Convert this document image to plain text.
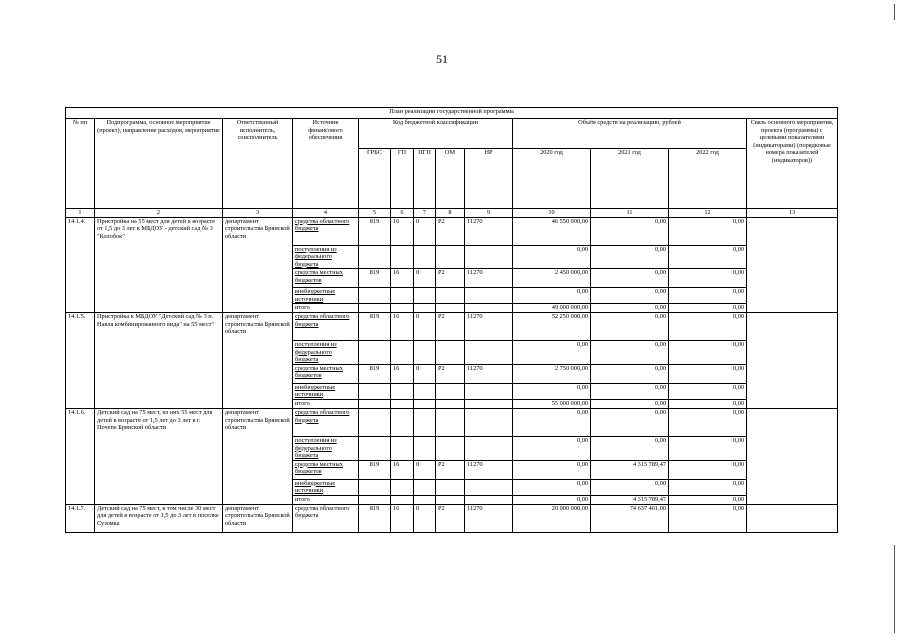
51
План реализации государственной программы												
№ пп	Подпрограмма, основное мероприятие (проект), направление расходов, мероприятие	Ответственный исполнитель, соисполнитель	Источник финансового обеспечения	Код бюджетной классификации					Объём средств на реализацию, рублей			Связь основного мероприятия, проекта (программы) с целевыми показателями (индикаторами) (порядковые номера показателей (индикаторов))
				ГРБС	ГП	ПГП	ОМ	НР	2020 год	2021 год	2022 год	
1	2	3	4	5	6	7	8	9	10	11	12	13
14.1.4.	Пристройка на 55 мест для детей в возрасте от 1,5 до 3 лет к МБДОУ - детский сад № 3 "Колобок"	департамент строительства Брянской области	средства областного бюджета	819	16	0	P2	11270	46 550 000,00	0,00	0,00	
			поступления из федерального бюджета						0,00	0,00	0,00	
			средства местных бюджетов	819	16	0	P2	11270	2 450 000,00	0,00	0,00	
			внебюджетные источники						0,00	0,00	0,00	
			итого						49 000 000,00	0,00	0,00	
14.1.5.	Пристройка к МБДОУ "Детский сад № 3 п. Навля комбинированного вида" на 55 мест"	департамент строительства Брянской области	средства областного бюджета	819	16	0	P2	11270	52 250 000,00	0,00	0,00	
			поступления из федерального бюджета						0,00	0,00	0,00	
			средства местных бюджетов	819	16	0	P2	11270	2 750 000,00	0,00	0,00	
			внебюджетные источники						0,00	0,00	0,00	
			итого						55 000 000,00	0,00	0,00	
14.1.6.	Детский сад на 75 мест, из них 55 мест для детей в возрасте от 1,5 лет до 3 лет в г. Почепе Брянской области	департамент строительства Брянской области	средства областного бюджета						0,00	0,00	0,00	
			поступления из федерального бюджета						0,00	0,00	0,00	
			средства местных бюджетов	819	16	0	P2	11270	0,00	4 315 789,47	0,00	
			внебюджетные источники						0,00	0,00	0,00	
			итого						0,00	4 315 789,47	0,00	
14.1.7.	Детский сад на 75 мест, в том числе 30 мест для детей в возрасте от 1,5 до 3 лет в поселке Сузомка	департамент строительства Брянской области	средства областного бюджета	819	16	0	P2	11270	20 000 000,00	74 637 461,00	0,00	
